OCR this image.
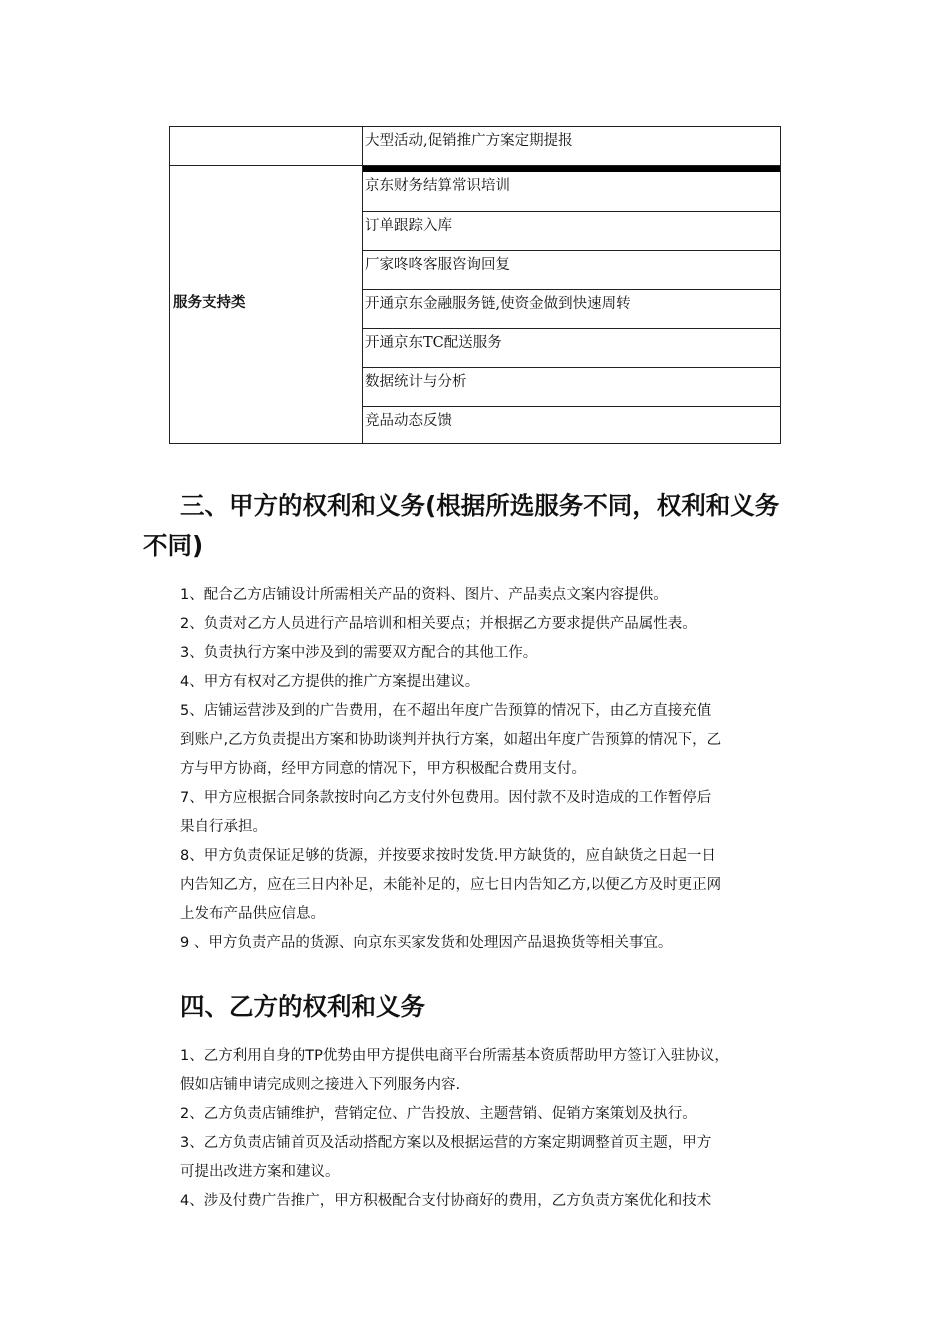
服务支持类
大型活动,促销推广方案定期提报
京东财务结算常识培训
订单跟踪入库
厂家咚咚客服咨询回复
开通京东金融服务链,使资金做到快速周转
开通京东TC配送服务
数据统计与分析
竞品动态反馈
三、甲方的权利和义务(根据所选服务不同，权利和义务
不同)

1、配合乙方店铺设计所需相关产品的资料、图片、产品卖点文案内容提供。

2、负责对乙方人员进行产品培训和相关要点；并根据乙方要求提供产品属性表。

3、负责执行方案中涉及到的需要双方配合的其他工作。

4、甲方有权对乙方提供的推广方案提出建议。

5、店铺运营涉及到的广告费用，在不超出年度广告预算的情况下，由乙方直接充值

到账户,乙方负责提出方案和协助谈判并执行方案，如超出年度广告预算的情况下，乙

方与甲方协商，经甲方同意的情况下，甲方积极配合费用支付。

7、甲方应根据合同条款按时向乙方支付外包费用。因付款不及时造成的工作暂停后

果自行承担。

8、甲方负责保证足够的货源，并按要求按时发货.甲方缺货的，应自缺货之日起一日

内告知乙方，应在三日内补足，未能补足的，应七日内告知乙方,以便乙方及时更正网

上发布产品供应信息。

9 、甲方负责产品的货源、向京东买家发货和处理因产品退换货等相关事宜。

四、乙方的权利和义务

1、乙方利用自身的TP优势由甲方提供电商平台所需基本资质帮助甲方签订入驻协议，

假如店铺申请完成则之接进入下列服务内容.

2、乙方负责店铺维护，营销定位、广告投放、主题营销、促销方案策划及执行。

3、乙方负责店铺首页及活动搭配方案以及根据运营的方案定期调整首页主题，甲方

可提出改进方案和建议。

4、涉及付费广告推广，甲方积极配合支付协商好的费用，乙方负责方案优化和技术
